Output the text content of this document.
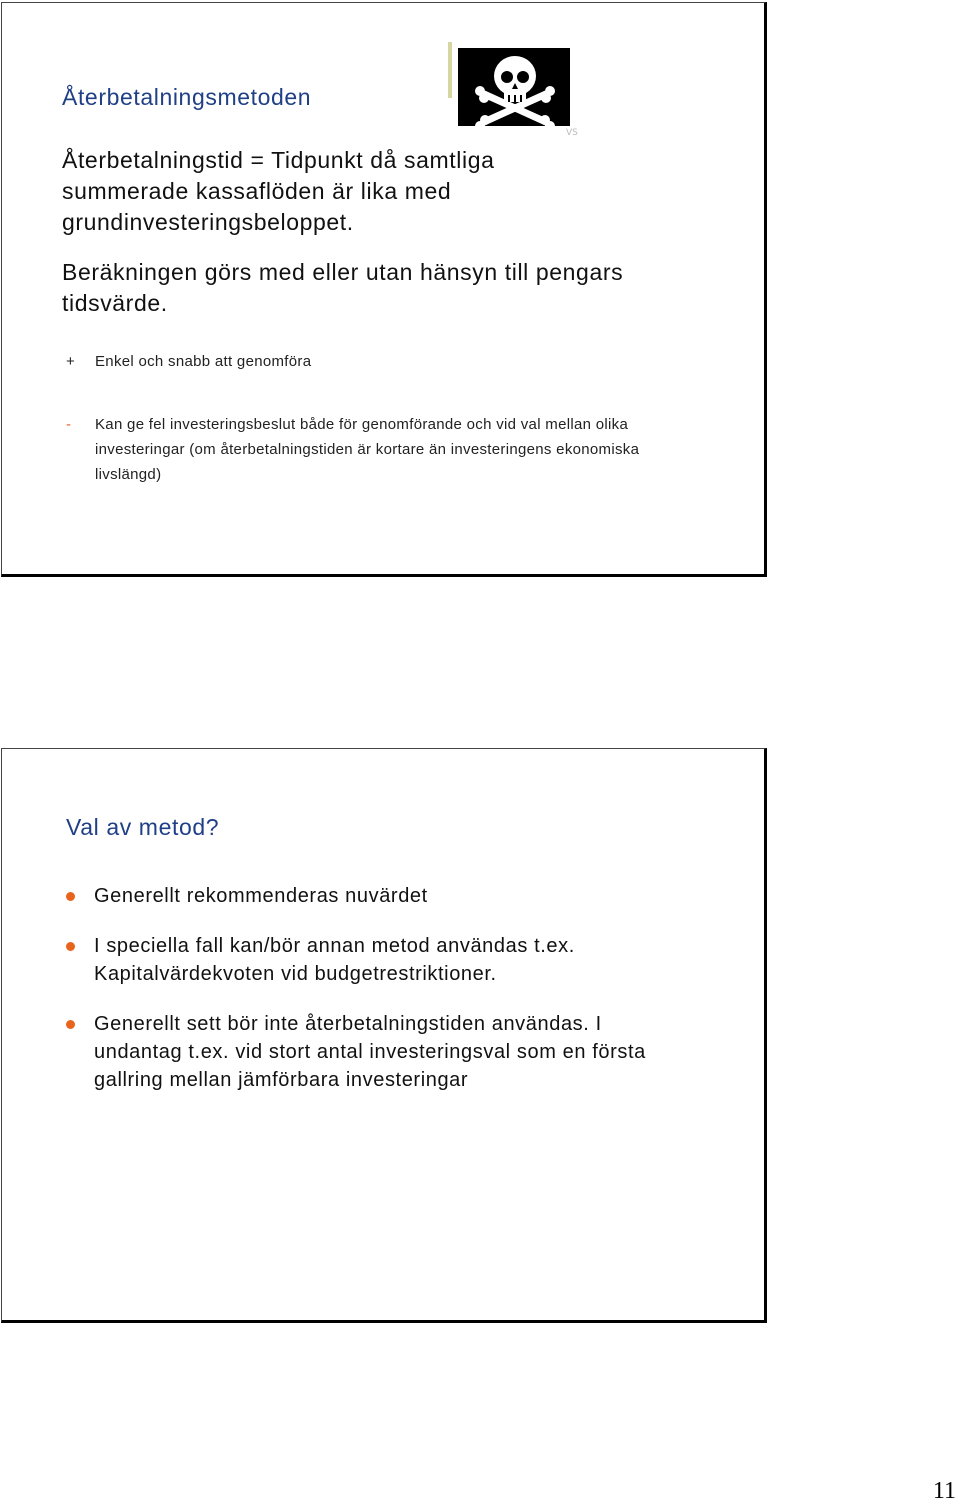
Återbetalningsmetoden

Återbetalningstid = Tidpunkt då samtliga summerade kassaflöden är lika med grundinvesteringsbeloppet.

Beräkningen görs med eller utan hänsyn till pengars tidsvärde.

+ Enkel och snabb att genomföra
- Kan ge fel investeringsbeslut både för genomförande och vid val mellan olika investeringar (om återbetalningstiden är kortare än investeringens ekonomiska livslängd)
VS
Val av metod?
Generellt rekommenderas nuvärdet
I speciella fall kan/bör annan metod användas t.ex. Kapitalvärdekvoten vid budgetrestriktioner.
Generellt sett bör inte återbetalningstiden användas. I undantag t.ex. vid stort antal investeringsval som en första gallring mellan jämförbara investeringar
11
